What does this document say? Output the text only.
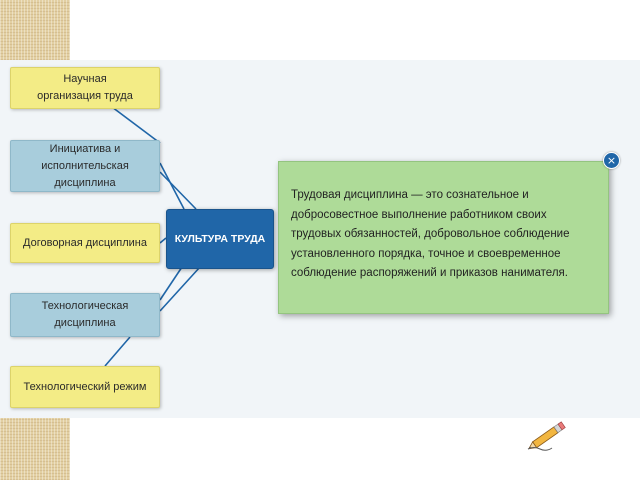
Научная организация труда
Инициатива и исполнительская дисциплина
Договорная дисциплина
Технологическая дисциплина
Технологический режим
КУЛЬТУРА ТРУДА
Трудовая дисциплина — это сознательное и добросовестное выполнение работником своих трудовых обязанностей, добровольное соблюдение установленного порядка, точное и своевременное соблюдение распоряжений и приказов нанимателя.
×
